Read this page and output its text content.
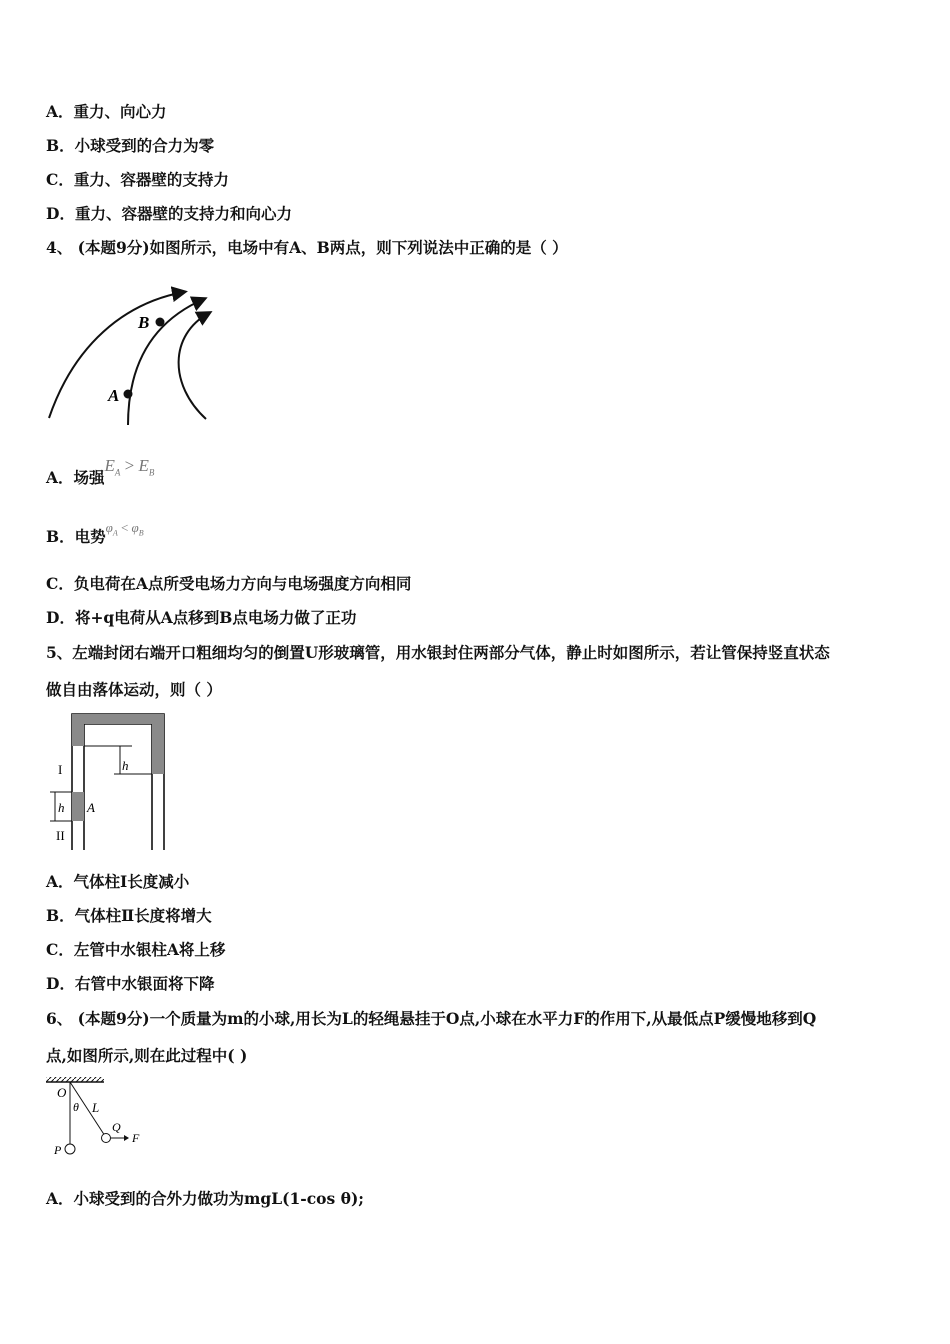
A．重力、向心力
B．小球受到的合力为零
C．重力、容器壁的支持力
D．重力、容器壁的支持力和向心力
4、 (本题9分)如图所示，电场中有A、B两点，则下列说法中正确的是（ ）
B
A
A．场强$E_A > E_B$
B．电势$^{\varphi_A < \varphi_B}$
C．负电荷在A点所受电场力方向与电场强度方向相同
D．将+q电荷从A点移到B点电场力做了正功
5、左端封闭右端开口粗细均匀的倒置U形玻璃管，用水银封住两部分气体，静止时如图所示，若让管保持竖直状态
做自由落体运动，则（ ）
h
h A
I
II
A．气体柱Ⅰ长度减小
B．气体柱Ⅱ长度将增大
C．左管中水银柱A将上移
D．右管中水银面将下降
6、 (本题9分)一个质量为m的小球,用长为L的轻绳悬挂于O点,小球在水平力F的作用下,从最低点P缓慢地移到Q
点,如图所示,则在此过程中( )
O
θ L
Q
F
P
A．小球受到的合外力做功为mgL(1-cos θ);
